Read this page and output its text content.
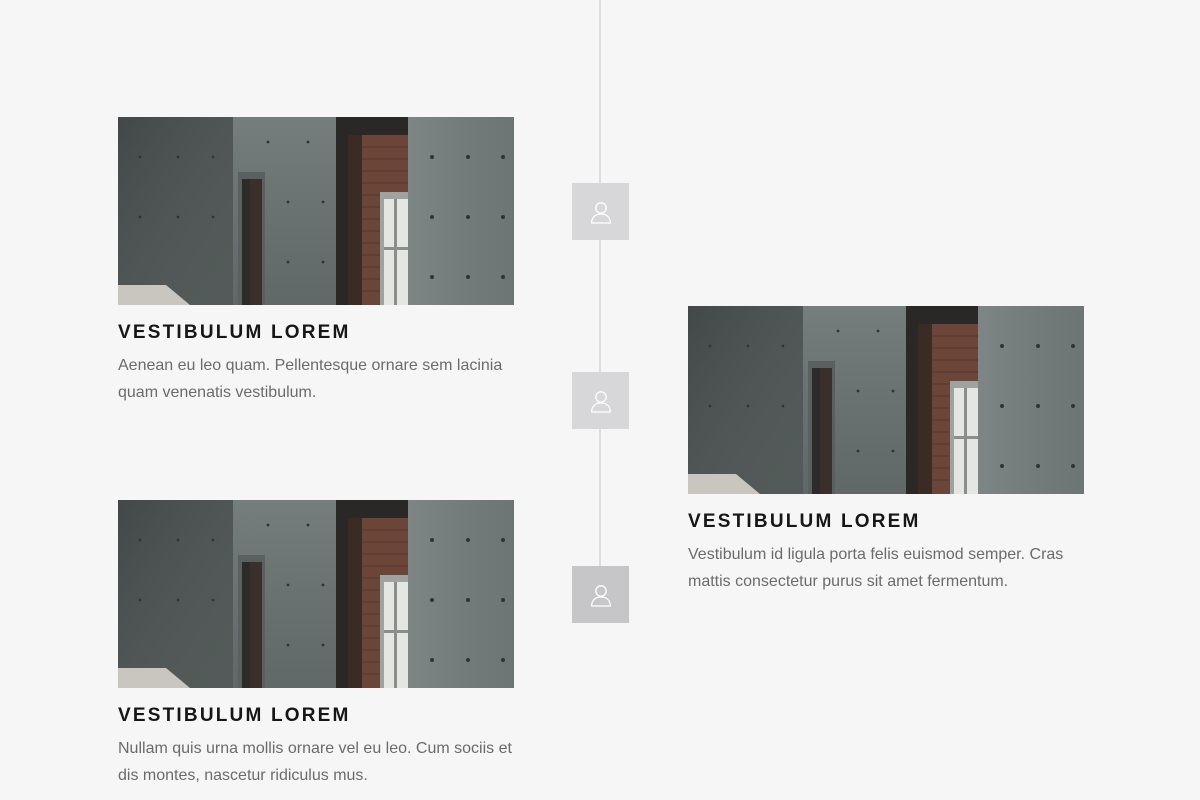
VESTIBULUM LOREM
Aenean eu leo quam. Pellentesque ornare sem lacinia quam venenatis vestibulum.
VESTIBULUM LOREM
Vestibulum id ligula porta felis euismod semper. Cras mattis consectetur purus sit amet fermentum.
VESTIBULUM LOREM
Nullam quis urna mollis ornare vel eu leo. Cum sociis et dis montes, nascetur ridiculus mus.
